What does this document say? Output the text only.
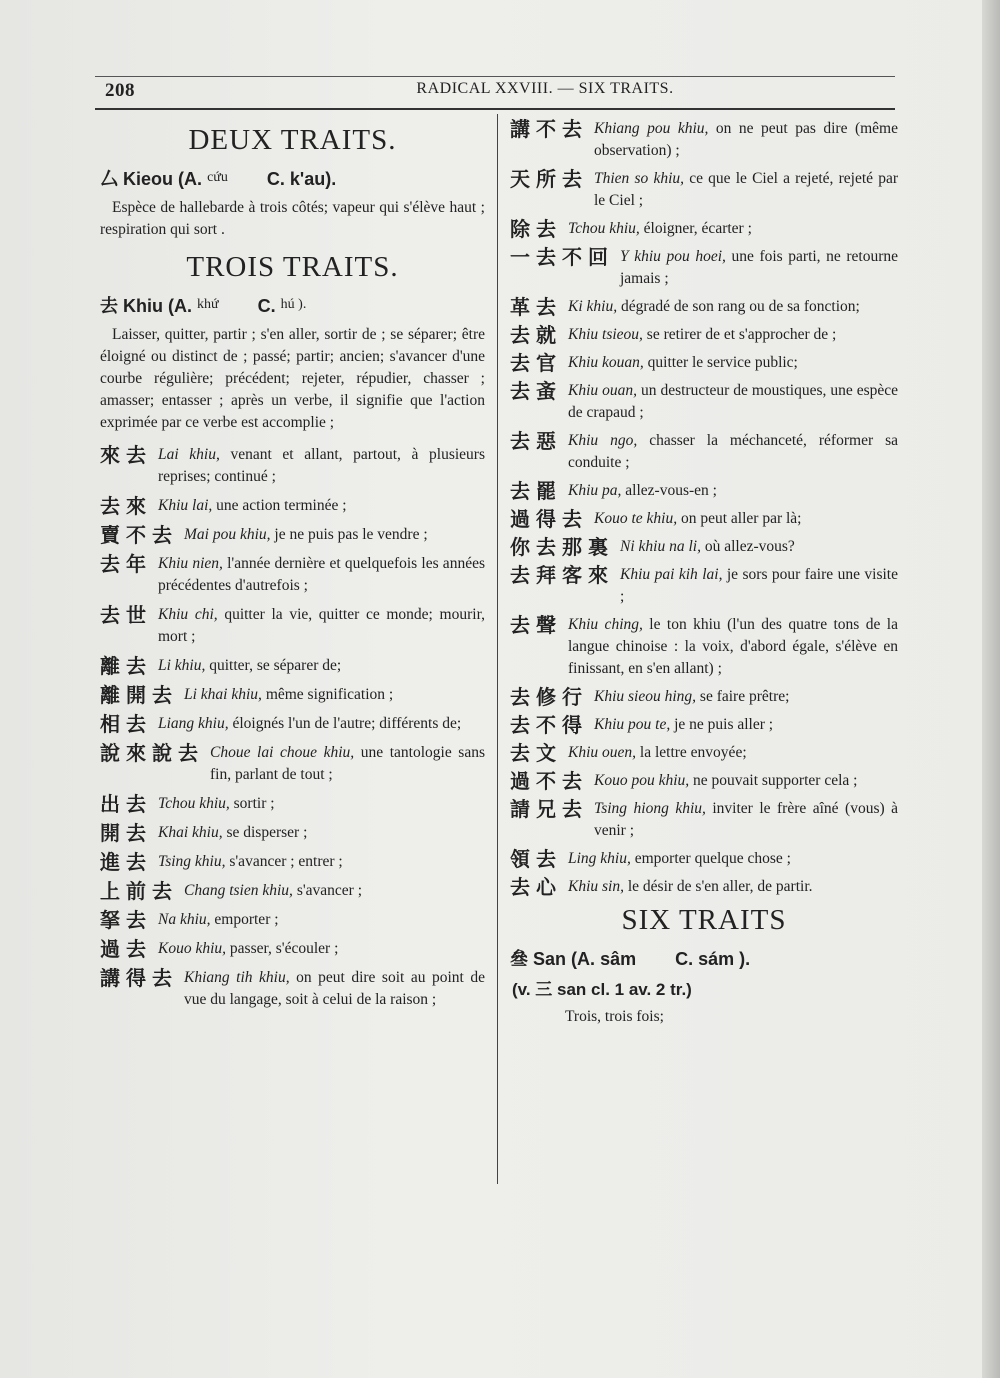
208	RADICAL XXVIII. — SIX TRAITS.
DEUX TRAITS.
厶 Kieou (A. $^{cứu}$ C. k'au).
Espèce de hallebarde à trois côtés; vapeur qui s'élève haut ; respiration qui sort .
TROIS TRAITS.
去 Khiu (A. $^{khứ}$ C. $^{hú ).}$
Laisser, quitter, partir ; s'en aller, sortir de ; se séparer; être éloigné ou distinct de ; passé; partir; ancien; s'avancer d'une courbe régulière; précédent; rejeter, répudier, chasser ; amasser; entasser ; après un verbe, il signifie que l'action exprimée par ce verbe est accomplie ;
來去 Lai khiu, venant et allant, partout, à plusieurs reprises; continué ;
去來 Khiu lai, une action terminée ;
賣不去 Mai pou khiu, je ne puis pas le vendre ;
去年 Khiu nien, l'année dernière et quelquefois les années précédentes d'autrefois ;
去世 Khiu chi, quitter la vie, quitter ce monde; mourir, mort ;
離去 Li khiu, quitter, se séparer de;
離開去 Li khai khiu, même signification ;
相去 Liang khiu, éloignés l'un de l'autre; différents de;
說來說去 Choue lai choue khiu, une tantologie sans fin, parlant de tout ;
出去 Tchou khiu, sortir ;
開去 Khai khiu, se disperser ;
進去 Tsing khiu, s'avancer ; entrer ;
上前去 Chang tsien khiu, s'avancer ;
拏去 Na khiu, emporter ;
過去 Kouo khiu, passer, s'écouler ;
講得去 Khiang tih khiu, on peut dire soit au point de vue du langage, soit à celui de la raison ;
講不去 Khiang pou khiu, on ne peut pas dire (même observation) ;
天所去 Thien so khiu, ce que le Ciel a rejeté, rejeté par le Ciel ;
除去 Tchou khiu, éloigner, écarter ;
一去不回 Y khiu pou hoei, une fois parti, ne retourne jamais ;
革去 Ki khiu, dégradé de son rang ou de sa fonction;
去就 Khiu tsieou, se retirer de et s'approcher de ;
去官 Khiu kouan, quitter le service public;
去蚉 Khiu ouan, un destructeur de moustiques, une espèce de crapaud ;
去惡 Khiu ngo, chasser la méchanceté, réformer sa conduite ;
去罷 Khiu pa, allez-vous-en ;
過得去 Kouo te khiu, on peut aller par là;
你去那裏 Ni khiu na li, où allez-vous?
去拜客來 Khiu pai kih lai, je sors pour faire une visite ;
去聲 Khiu ching, le ton khiu (l'un des quatre tons de la langue chinoise : la voix, d'abord égale, s'élève en finissant, en s'en allant) ;
去修行 Khiu sieou hing, se faire prêtre;
去不得 Khiu pou te, je ne puis aller ;
去文 Khiu ouen, la lettre envoyée;
過不去 Kouo pou khiu, ne pouvait supporter cela ;
請兄去 Tsing hiong khiu, inviter le frère aîné (vous) à venir ;
領去 Ling khiu, emporter quelque chose ;
去心 Khiu sin, le désir de s'en aller, de partir.
SIX TRAITS
叄 San (A. sâm C. sám ).
(v. 三 san cl. 1 av. 2 tr.)
Trois, trois fois;
